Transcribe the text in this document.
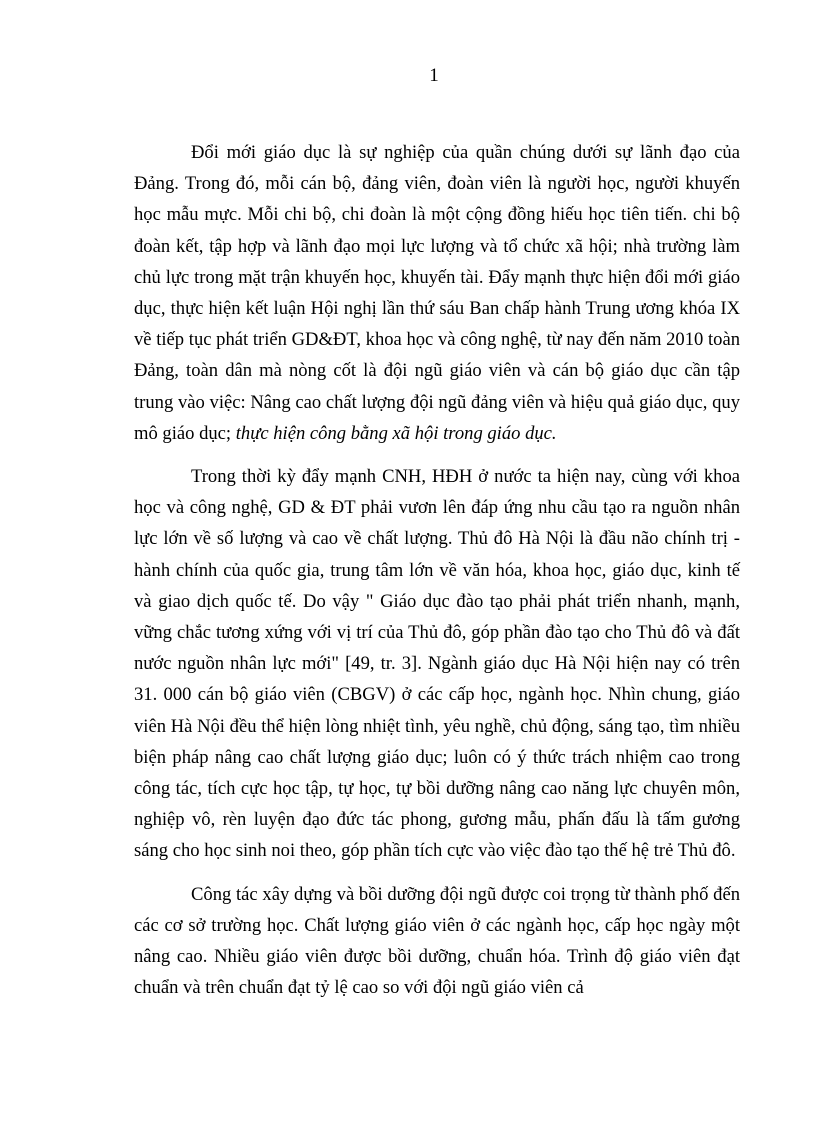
1

Đổi mới giáo dục là sự nghiệp của quần chúng dưới sự lãnh đạo của Đảng. Trong đó, mỗi cán bộ, đảng viên, đoàn viên là người học, người khuyến học mẫu mực. Mỗi chi bộ, chi đoàn là một cộng đồng hiếu học tiên tiến. chi bộ đoàn kết, tập hợp và lãnh đạo mọi lực lượng và tổ chức xã hội; nhà trường làm chủ lực trong mặt trận khuyến học, khuyến tài. Đẩy mạnh thực hiện đổi mới giáo dục, thực hiện kết luận Hội nghị lần thứ sáu Ban chấp hành Trung ương khóa IX về tiếp tục phát triển GD&ĐT, khoa học và công nghệ, từ nay đến năm 2010 toàn Đảng, toàn dân mà nòng cốt là đội ngũ giáo viên và cán bộ giáo dục cần tập trung vào việc: Nâng cao chất lượng đội ngũ đảng viên và hiệu quả giáo dục, quy mô giáo dục; thực hiện công bằng xã hội trong giáo dục.

Trong thời kỳ đẩy mạnh CNH, HĐH ở nước ta hiện nay, cùng với khoa học và công nghệ, GD & ĐT phải vươn lên đáp ứng nhu cầu tạo ra nguồn nhân lực lớn về số lượng và cao về chất lượng. Thủ đô Hà Nội là đầu não chính trị - hành chính của quốc gia, trung tâm lớn về văn hóa, khoa học, giáo dục, kinh tế và giao dịch quốc tế. Do vậy " Giáo dục đào tạo phải phát triển nhanh, mạnh, vững chắc tương xứng với vị trí của Thủ đô, góp phần đào tạo cho Thủ đô và đất nước nguồn nhân lực mới" [49, tr. 3]. Ngành giáo dục Hà Nội hiện nay có trên 31. 000 cán bộ giáo viên (CBGV) ở các cấp học, ngành học. Nhìn chung, giáo viên Hà Nội đều thể hiện lòng nhiệt tình, yêu nghề, chủ động, sáng tạo, tìm nhiều biện pháp nâng cao chất lượng giáo dục; luôn có ý thức trách nhiệm cao trong công tác, tích cực học tập, tự học, tự bồi dưỡng nâng cao năng lực chuyên môn, nghiệp vô, rèn luyện đạo đức tác phong, gương mẫu, phấn đấu là tấm gương sáng cho học sinh noi theo, góp phần tích cực vào việc đào tạo thế hệ trẻ Thủ đô.

Công tác xây dựng và bồi dưỡng đội ngũ được coi trọng từ thành phố đến các cơ sở trường học. Chất lượng giáo viên ở các ngành học, cấp học ngày một nâng cao. Nhiều giáo viên được bồi dưỡng, chuẩn hóa. Trình độ giáo viên đạt chuẩn và trên chuẩn đạt tỷ lệ cao so với đội ngũ giáo viên cả
